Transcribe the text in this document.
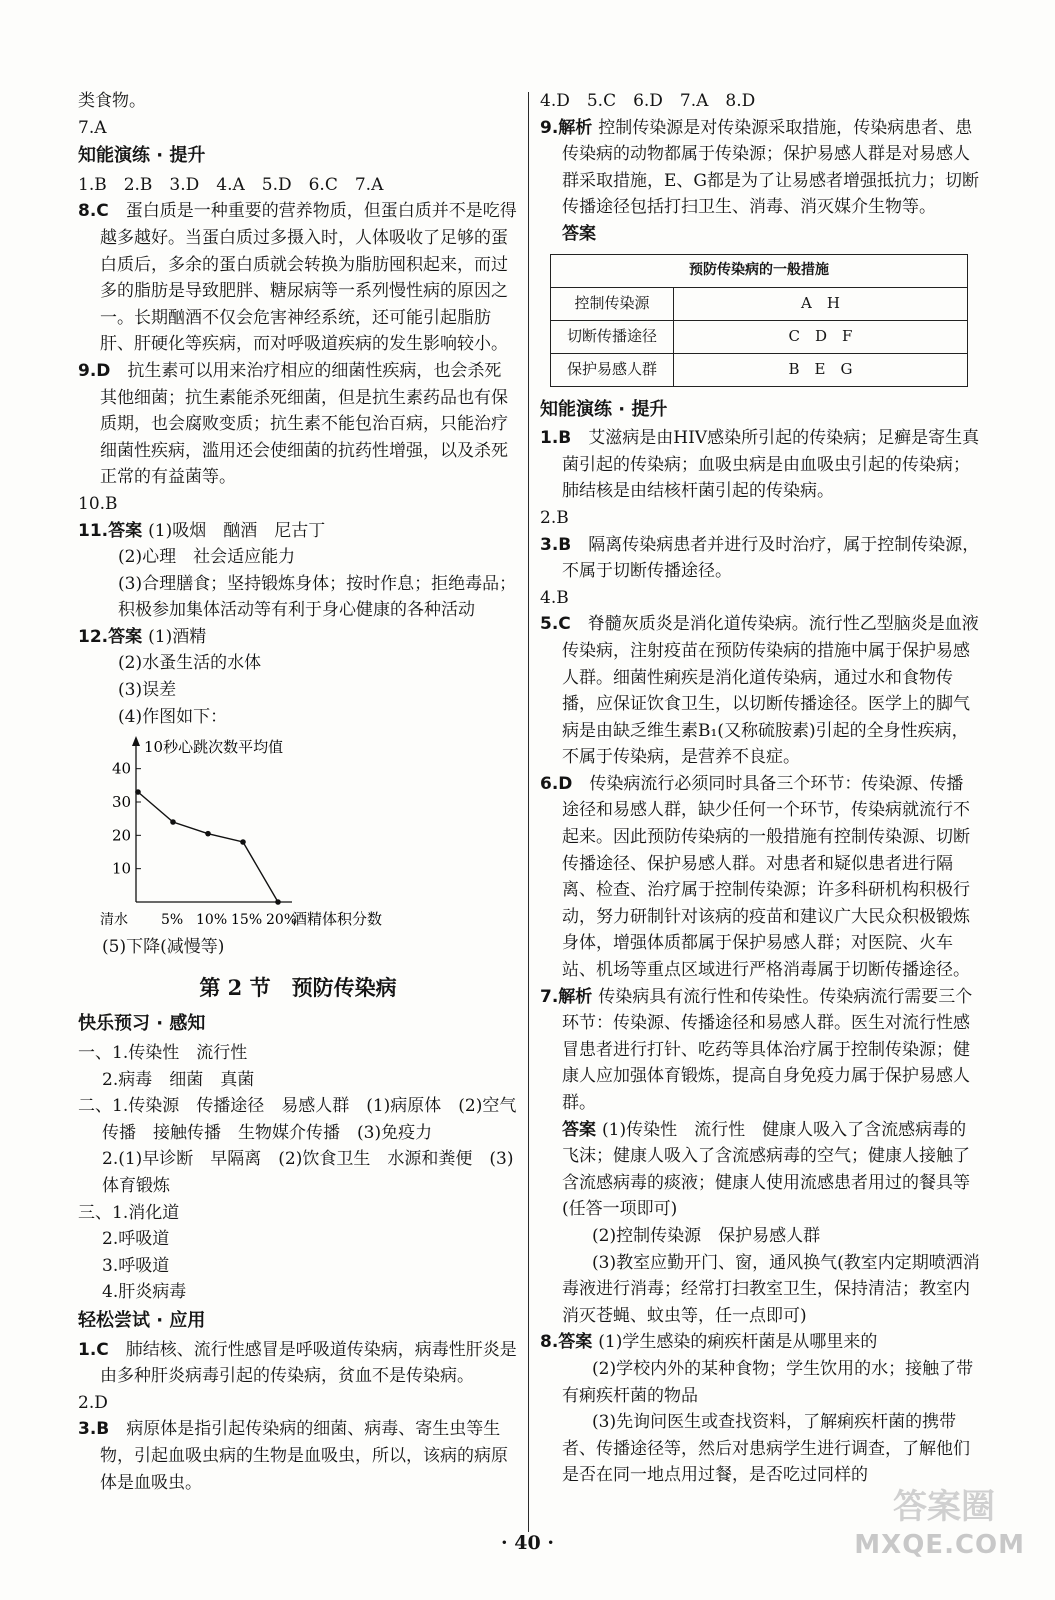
类食物。

7.A

知能演练 · 提升

1.B　2.B　3.D　4.A　5.D　6.C　7.A

8.C　 蛋白质是一种重要的营养物质，但蛋白质并不是吃得越多越好。当蛋白质过多摄入时，人体吸收了足够的蛋白质后，多余的蛋白质就会转换为脂肪囤积起来，而过多的脂肪是导致肥胖、糖尿病等一系列慢性病的原因之一。长期酗酒不仅会危害神经系统，还可能引起脂肪肝、肝硬化等疾病，而对呼吸道疾病的发生影响较小。

9.D　 抗生素可以用来治疗相应的细菌性疾病，也会杀死其他细菌；抗生素能杀死细菌，但是抗生素药品也有保质期，也会腐败变质；抗生素不能包治百病，只能治疗细菌性疾病，滥用还会使细菌的抗药性增强，以及杀死正常的有益菌等。

10.B

11.答案 (1)吸烟　酗酒　尼古丁

(2)心理　社会适应能力

(3)合理膳食；坚持锻炼身体；按时作息；拒绝毒品；积极参加集体活动等有利于身心健康的各种活动

12.答案 (1)酒精

(2)水蚤生活的水体

(3)误差

(4)作图如下：

10秒心跳次数平均值
酒精体积分数
40
30
20
10
清水 5% 10% 15% 20%

(5)下降(减慢等)

第 2 节　预防传染病

快乐预习 · 感知

一、1.传染性　流行性

2.病毒　细菌　真菌

二、1.传染源　传播途径　易感人群　(1)病原体　(2)空气传播　接触传播　生物媒介传播　(3)免疫力

2.(1)早诊断　早隔离　(2)饮食卫生　水源和粪便　(3)体育锻炼

三、1.消化道

2.呼吸道

3.呼吸道

4.肝炎病毒

轻松尝试 · 应用

1.C　 肺结核、流行性感冒是呼吸道传染病，病毒性肝炎是由多种肝炎病毒引起的传染病，贫血不是传染病。

2.D

3.B　 病原体是指引起传染病的细菌、病毒、寄生虫等生物，引起血吸虫病的生物是血吸虫，所以，该病的病原体是血吸虫。

4.D　5.C　6.D　7.A　8.D

9.解析 控制传染源是对传染源采取措施，传染病患者、患传染病的动物都属于传染源；保护易感人群是对易感人群采取措施，E、G都是为了让易感者增强抵抗力；切断传播途径包括打扫卫生、消毒、消灭媒介生物等。

答案

预防传染病的一般措施	
控制传染源	A　H
切断传播途径	C　D　F
保护易感人群	B　E　G

知能演练 · 提升

1.B　 艾滋病是由HIV感染所引起的传染病；足癣是寄生真菌引起的传染病；血吸虫病是由血吸虫引起的传染病；肺结核是由结核杆菌引起的传染病。

2.B

3.B　 隔离传染病患者并进行及时治疗，属于控制传染源，不属于切断传播途径。

4.B

5.C　 脊髓灰质炎是消化道传染病。流行性乙型脑炎是血液传染病，注射疫苗在预防传染病的措施中属于保护易感人群。细菌性痢疾是消化道传染病，通过水和食物传播，应保证饮食卫生，以切断传播途径。医学上的脚气病是由缺乏维生素B₁(又称硫胺素)引起的全身性疾病，不属于传染病，是营养不良症。

6.D　 传染病流行必须同时具备三个环节：传染源、传播途径和易感人群，缺少任何一个环节，传染病就流行不起来。因此预防传染病的一般措施有控制传染源、切断传播途径、保护易感人群。对患者和疑似患者进行隔离、检查、治疗属于控制传染源；许多科研机构积极行动，努力研制针对该病的疫苗和建议广大民众积极锻炼身体，增强体质都属于保护易感人群；对医院、火车站、机场等重点区域进行严格消毒属于切断传播途径。

7.解析 传染病具有流行性和传染性。传染病流行需要三个环节：传染源、传播途径和易感人群。医生对流行性感冒患者进行打针、吃药等具体治疗属于控制传染源；健康人应加强体育锻炼，提高自身免疫力属于保护易感人群。

答案 (1)传染性　流行性　健康人吸入了含流感病毒的飞沫；健康人吸入了含流感病毒的空气；健康人接触了含流感病毒的痰液；健康人使用流感患者用过的餐具等(任答一项即可)

(2)控制传染源　保护易感人群

(3)教室应勤开门、窗，通风换气(教室内定期喷洒消毒液进行消毒；经常打扫教室卫生，保持清洁；教室内消灭苍蝇、蚊虫等，任一点即可)

8.答案 (1)学生感染的痢疾杆菌是从哪里来的

(2)学校内外的某种食物；学生饮用的水；接触了带有痢疾杆菌的物品

(3)先询问医生或查找资料，了解痢疾杆菌的携带者、传播途径等，然后对患病学生进行调查，了解他们是否在同一地点用过餐，是否吃过同样的

· 40 ·
答案圈
MXQE.COM
